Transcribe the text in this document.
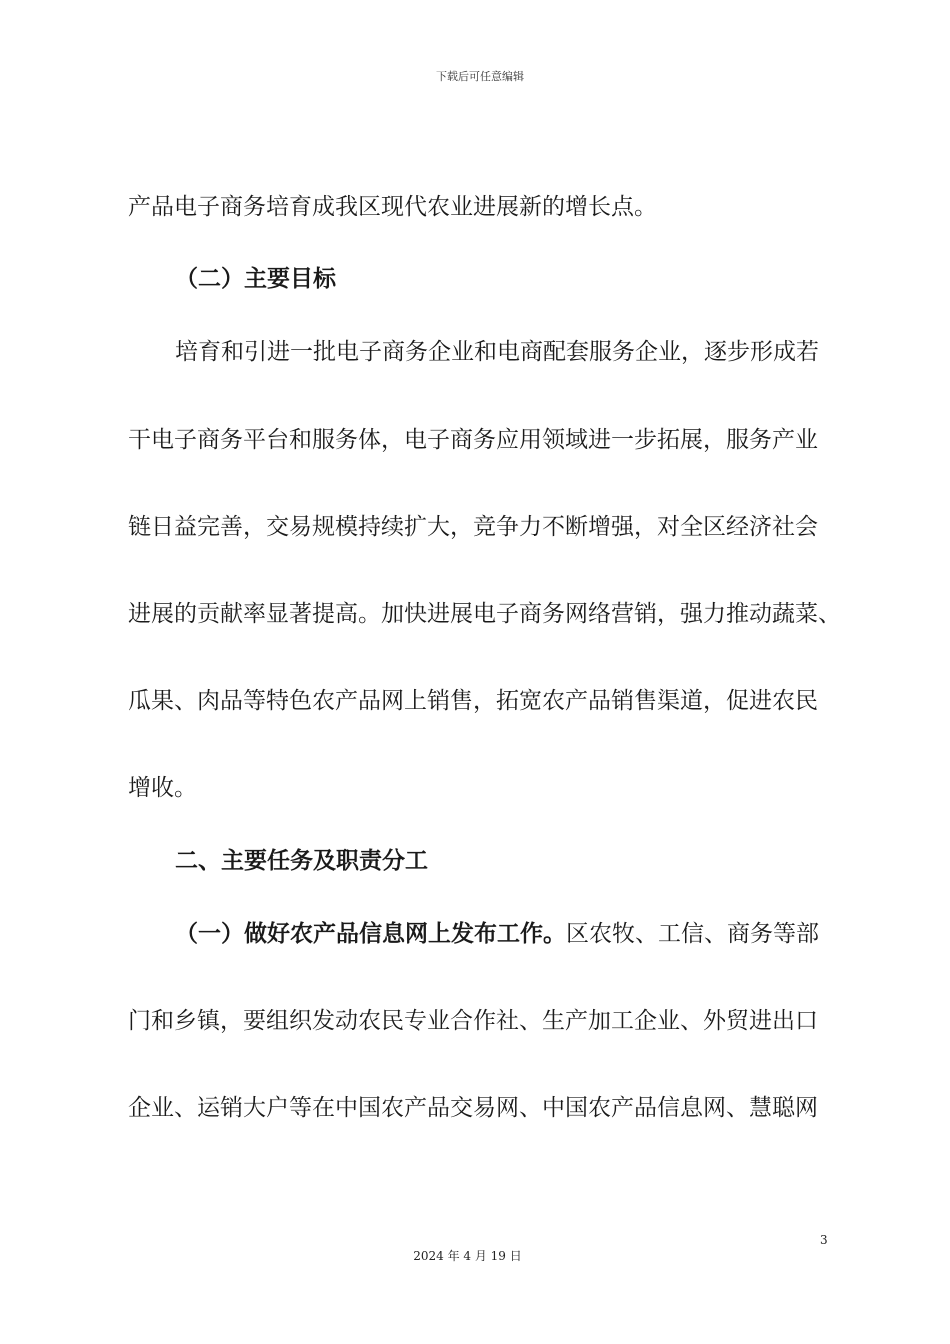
下载后可任意编辑
产品电子商务培育成我区现代农业进展新的增长点。
（二）主要目标
培育和引进一批电子商务企业和电商配套服务企业，逐步形成若
干电子商务平台和服务体，电子商务应用领域进一步拓展，服务产业
链日益完善，交易规模持续扩大，竞争力不断增强，对全区经济社会
进展的贡献率显著提高。加快进展电子商务网络营销，强力推动蔬菜、
瓜果、肉品等特色农产品网上销售，拓宽农产品销售渠道，促进农民
增收。
二、主要任务及职责分工
（一）做好农产品信息网上发布工作。区农牧、工信、商务等部
门和乡镇，要组织发动农民专业合作社、生产加工企业、外贸进出口
企业、运销大户等在中国农产品交易网、中国农产品信息网、慧聪网
3
2024 年 4 月 19 日
